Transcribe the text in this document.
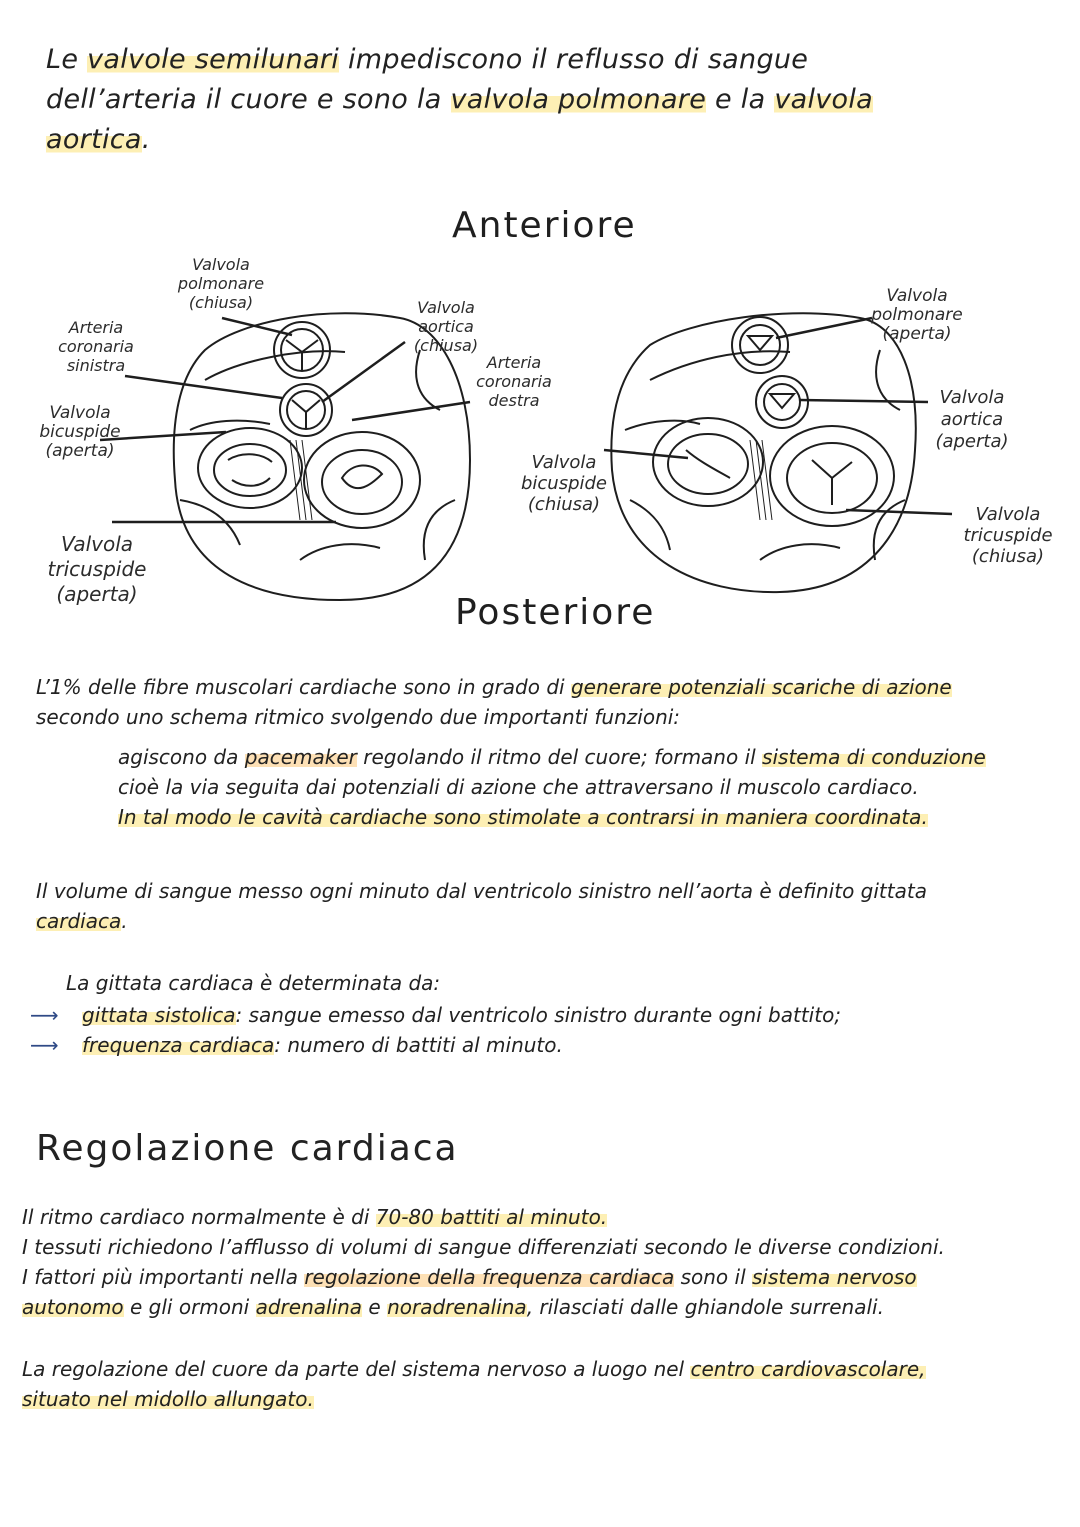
Le valvole semilunari impediscono il reflusso di sangue dell’arteria il cuore e sono la valvola polmonare e la valvola aortica.
Anteriore
Posteriore
Valvola
polmonare
(chiusa)
Arteria
coronaria
sinistra
Valvola
aortica
(chiusa)
Arteria
coronaria
destra
Valvola
bicuspide
(aperta)
Valvola
tricuspide
(aperta)
Valvola
polmonare
(aperta)
Valvola
aortica
(aperta)
Valvola
bicuspide
(chiusa)	Valvola
tricuspide
(chiusa)
L’1% delle fibre muscolari cardiache sono in grado di generare potenziali scariche di azione
secondo uno schema ritmico svolgendo due importanti funzioni:
agiscono da pacemaker regolando il ritmo del cuore; formano il sistema di conduzione
cioè la via seguita dai potenziali di azione che attraversano il muscolo cardiaco.
In tal modo le cavità cardiache sono stimolate a contrarsi in maniera coordinata.
Il volume di sangue messo ogni minuto dal ventricolo sinistro nell’aorta è definito gittata
cardiaca.
La gittata cardiaca è determinata da:
⟶ gittata sistolica: sangue emesso dal ventricolo sinistro durante ogni battito;
⟶ frequenza cardiaca: numero di battiti al minuto.
Regolazione cardiaca
Il ritmo cardiaco normalmente è di 70-80 battiti al minuto.
I tessuti richiedono l’afflusso di volumi di sangue differenziati secondo le diverse condizioni.
I fattori più importanti nella regolazione della frequenza cardiaca sono il sistema nervoso
autonomo e gli ormoni adrenalina e noradrenalina, rilasciati dalle ghiandole surrenali.
La regolazione del cuore da parte del sistema nervoso a luogo nel centro cardiovascolare,
situato nel midollo allungato.
